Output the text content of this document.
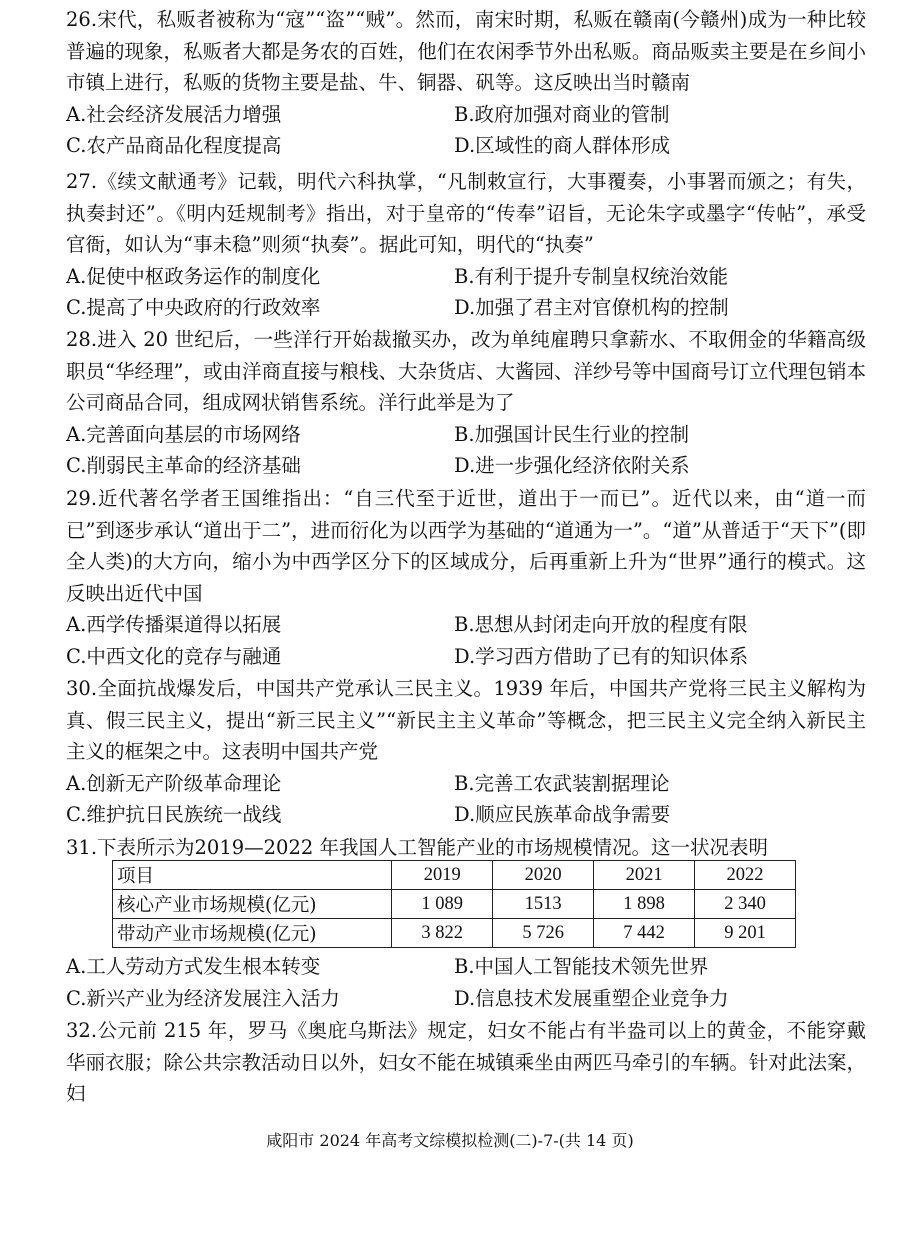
26.宋代，私贩者被称为“寇”“盗”“贼”。然而，南宋时期，私贩在赣南(今赣州)成为一种比较普遍的现象，私贩者大都是务农的百姓，他们在农闲季节外出私贩。商品贩卖主要是在乡间小市镇上进行，私贩的货物主要是盐、牛、铜器、矾等。这反映出当时赣南

A.社会经济发展活力增强	B.政府加强对商业的管制
C.农产品商品化程度提高	D.区域性的商人群体形成

27.《续文献通考》记载，明代六科执掌，“凡制敕宣行，大事覆奏，小事署而颁之；有失，执奏封还”。《明内廷规制考》指出，对于皇帝的“传奉”诏旨，无论朱字或墨字“传帖”，承受官衙，如认为“事未稳”则须“执奏”。据此可知，明代的“执奏”

A.促使中枢政务运作的制度化	B.有利于提升专制皇权统治效能
C.提高了中央政府的行政效率	D.加强了君主对官僚机构的控制

28.进入 20 世纪后，一些洋行开始裁撤买办，改为单纯雇聘只拿薪水、不取佣金的华籍高级职员“华经理”，或由洋商直接与粮栈、大杂货店、大酱园、洋纱号等中国商号订立代理包销本公司商品合同，组成网状销售系统。洋行此举是为了

A.完善面向基层的市场网络	B.加强国计民生行业的控制
C.削弱民主革命的经济基础	D.进一步强化经济依附关系

29.近代著名学者王国维指出：“自三代至于近世，道出于一而已”。近代以来，由“道一而已”到逐步承认“道出于二”，进而衍化为以西学为基础的“道通为一”。“道”从普适于“天下”(即全人类)的大方向，缩小为中西学区分下的区域成分，后再重新上升为“世界”通行的模式。这反映出近代中国

A.西学传播渠道得以拓展	B.思想从封闭走向开放的程度有限
C.中西文化的竞存与融通	D.学习西方借助了已有的知识体系

30.全面抗战爆发后，中国共产党承认三民主义。1939 年后，中国共产党将三民主义解构为真、假三民主义，提出“新三民主义”“新民主主义革命”等概念，把三民主义完全纳入新民主主义的框架之中。这表明中国共产党

A.创新无产阶级革命理论	B.完善工农武装割据理论
C.维护抗日民族统一战线	D.顺应民族革命战争需要

31.下表所示为2019—2022 年我国人工智能产业的市场规模情况。这一状况表明

项目	2019	2020	2021	2022
核心产业市场规模(亿元)	1 089	1513	1 898	2 340
带动产业市场规模(亿元)	3 822	5 726	7 442	9 201
A.工人劳动方式发生根本转变	B.中国人工智能技术领先世界
C.新兴产业为经济发展注入活力	D.信息技术发展重塑企业竞争力

32.公元前 215 年，罗马《奥庇乌斯法》规定，妇女不能占有半盎司以上的黄金，不能穿戴华丽衣服；除公共宗教活动日以外，妇女不能在城镇乘坐由两匹马牵引的车辆。针对此法案，妇

咸阳市 2024 年高考文综模拟检测(二)-7-(共 14 页)
